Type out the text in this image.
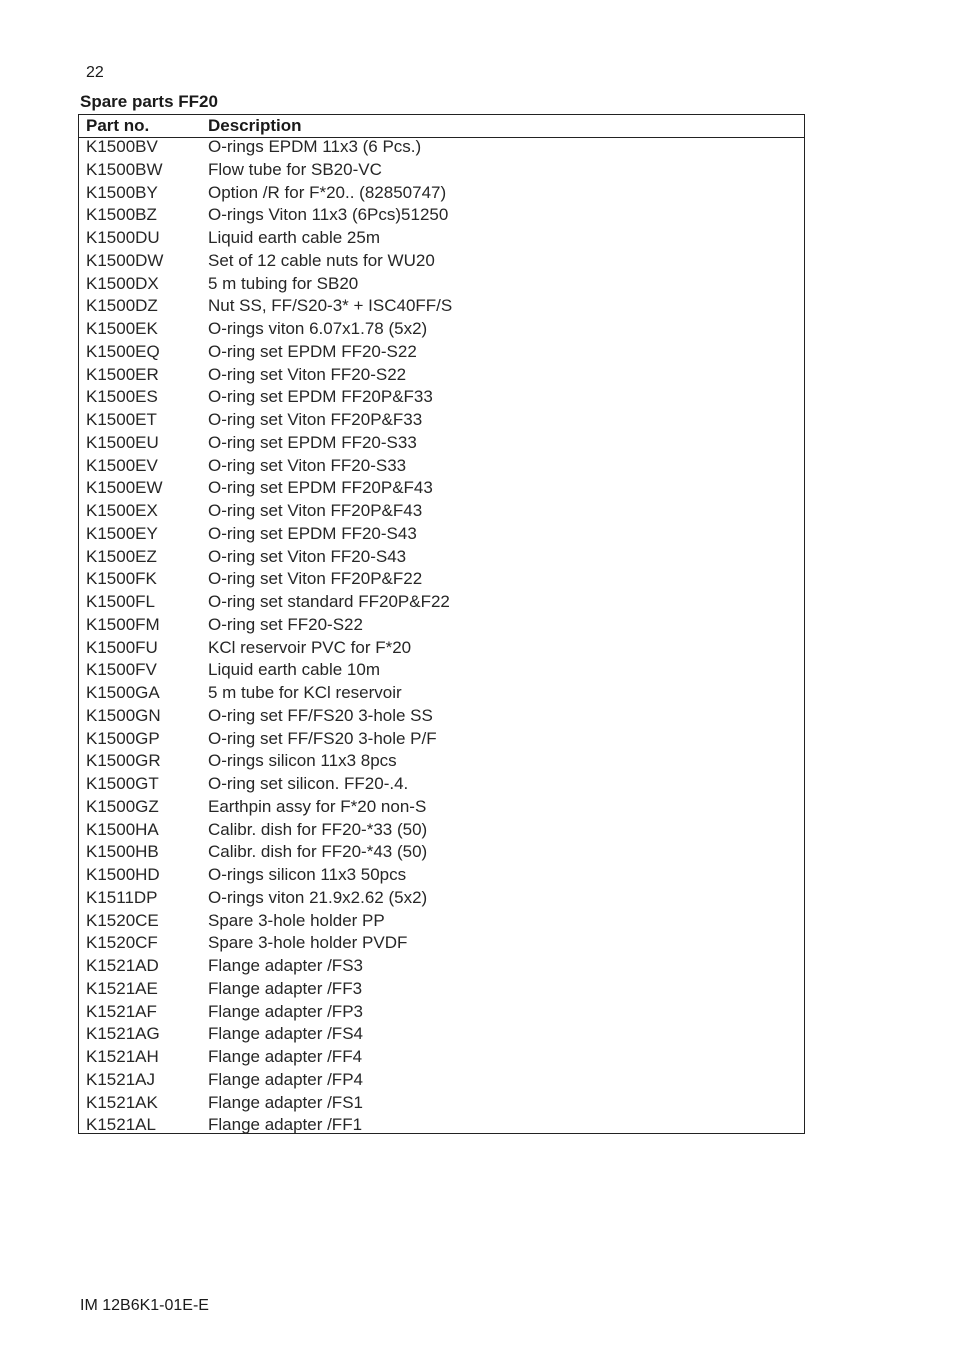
22
Spare parts FF20
Part no.	Description
K1500BV	O-rings EPDM 11x3 (6 Pcs.)
K1500BW	Flow tube for SB20-VC
K1500BY	Option /R for F*20.. (82850747)
K1500BZ	O-rings Viton 11x3 (6Pcs)51250
K1500DU	Liquid earth cable 25m
K1500DW	Set of 12 cable nuts for WU20
K1500DX	5 m tubing for SB20
K1500DZ	Nut SS, FF/S20-3* + ISC40FF/S
K1500EK	O-rings viton 6.07x1.78 (5x2)
K1500EQ	O-ring set EPDM FF20-S22
K1500ER	O-ring set Viton FF20-S22
K1500ES	O-ring set EPDM FF20P&F33
K1500ET	O-ring set Viton FF20P&F33
K1500EU	O-ring set EPDM FF20-S33
K1500EV	O-ring set Viton FF20-S33
K1500EW	O-ring set EPDM FF20P&F43
K1500EX	O-ring set Viton FF20P&F43
K1500EY	O-ring set EPDM FF20-S43
K1500EZ	O-ring set Viton FF20-S43
K1500FK	O-ring set Viton FF20P&F22
K1500FL	O-ring set standard FF20P&F22
K1500FM	O-ring set FF20-S22
K1500FU	KCl reservoir PVC for F*20
K1500FV	Liquid earth cable 10m
K1500GA	5 m tube for KCl reservoir
K1500GN	O-ring set FF/FS20 3-hole SS
K1500GP	O-ring set FF/FS20 3-hole P/F
K1500GR	O-rings silicon 11x3 8pcs
K1500GT	O-ring set silicon. FF20-.4.
K1500GZ	Earthpin assy for F*20 non-S
K1500HA	Calibr. dish for FF20-*33 (50)
K1500HB	Calibr. dish for FF20-*43 (50)
K1500HD	O-rings silicon 11x3 50pcs
K1511DP	O-rings viton 21.9x2.62 (5x2)
K1520CE	Spare 3-hole holder PP
K1520CF	Spare 3-hole holder PVDF
K1521AD	Flange adapter /FS3
K1521AE	Flange adapter /FF3
K1521AF	Flange adapter /FP3
K1521AG	Flange adapter /FS4
K1521AH	Flange adapter /FF4
K1521AJ	Flange adapter /FP4
K1521AK	Flange adapter /FS1
K1521AL	Flange adapter /FF1
IM 12B6K1-01E-E
